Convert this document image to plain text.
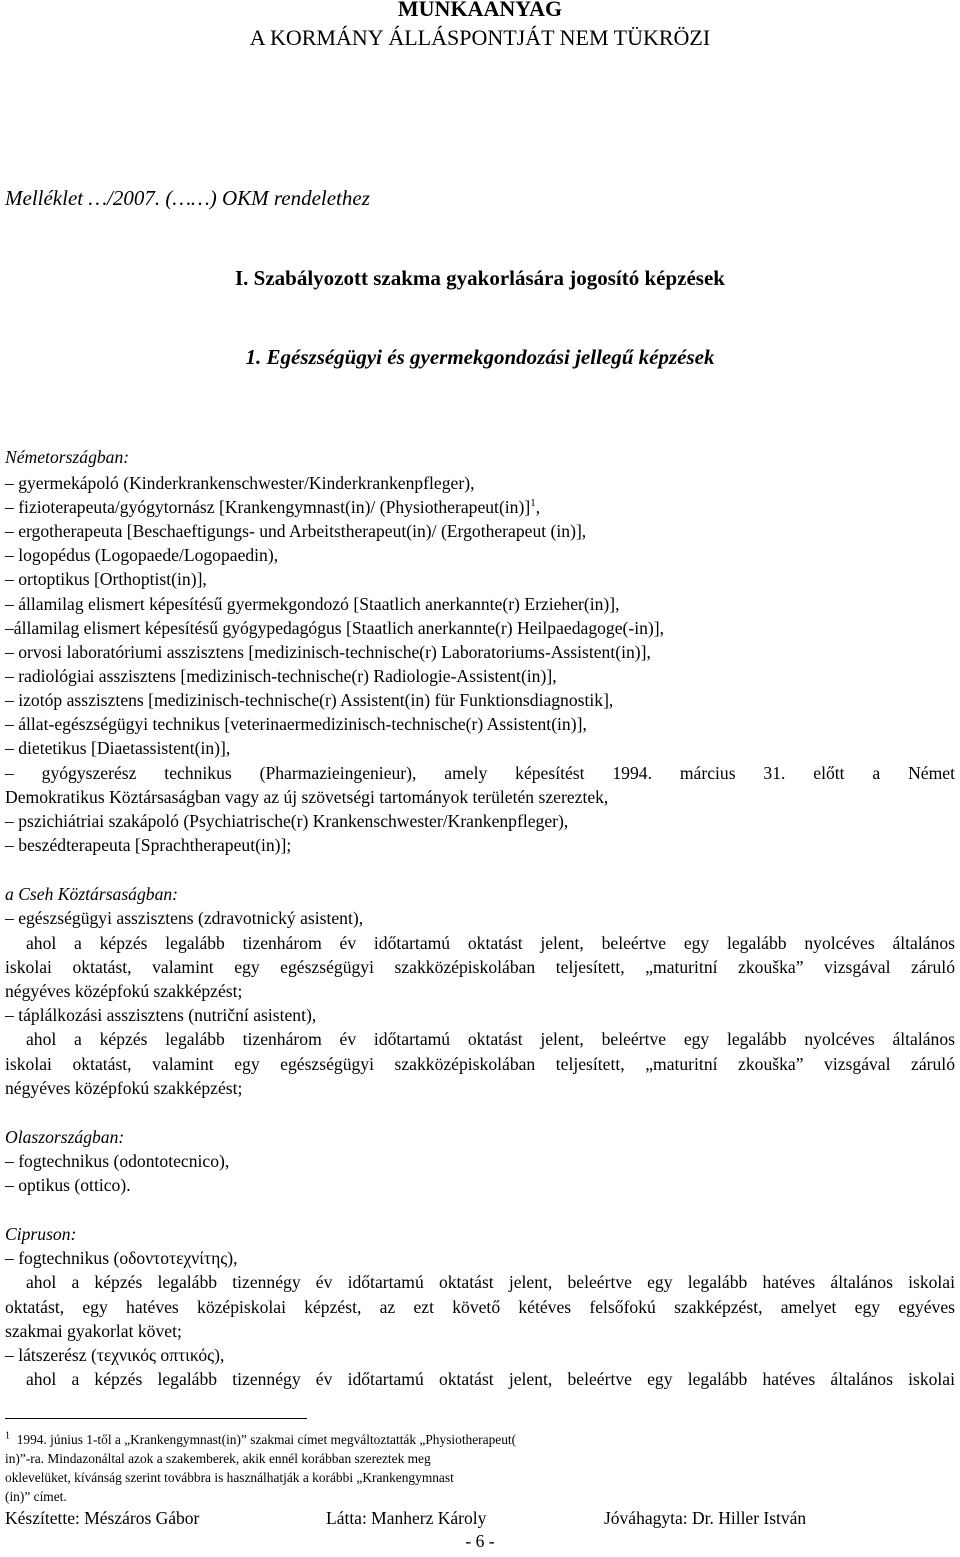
MUNKAANYAG
A KORMÁNY ÁLLÁSPONTJÁT NEM TÜKRÖZI
Melléklet …/2007. (……) OKM rendelethez
I. Szabályozott szakma gyakorlására jogosító képzések
1. Egészségügyi és gyermekgondozási jellegű képzések
Németországban:
– gyermekápoló (Kinderkrankenschwester/Kinderkrankenpfleger),
– fizioterapeuta/gyógytornász [Krankengymnast(in)/ (Physiotherapeut(in)]$^1$,
– ergotherapeuta [Beschaeftigungs- und Arbeitstherapeut(in)/ (Ergotherapeut (in)],
– logopédus (Logopaede/Logopaedin),
– ortoptikus [Orthoptist(in)],
– államilag elismert képesítésű gyermekgondozó [Staatlich anerkannte(r) Erzieher(in)],
–államilag elismert képesítésű gyógypedagógus [Staatlich anerkannte(r) Heilpaedagoge(-in)],
– orvosi laboratóriumi asszisztens [medizinisch-technische(r) Laboratoriums-Assistent(in)],
– radiológiai asszisztens [medizinisch-technische(r) Radiologie-Assistent(in)],
– izotóp asszisztens [medizinisch-technische(r) Assistent(in) für Funktionsdiagnostik],
– állat-egészségügyi technikus [veterinaermedizinisch-technische(r) Assistent(in)],
– dietetikus [Diaetassistent(in)],
– gyógyszerész technikus (Pharmazieingenieur), amely képesítést 1994. március 31. előtt a Német
Demokratikus Köztársaságban vagy az új szövetségi tartományok területén szereztek,
– pszichiátriai szakápoló (Psychiatrische(r) Krankenschwester/Krankenpfleger),
– beszédterapeuta [Sprachtherapeut(in)];
a Cseh Köztársaságban:
– egészségügyi asszisztens (zdravotnický asistent),
ahol a képzés legalább tizenhárom év időtartamú oktatást jelent, beleértve egy legalább nyolcéves általános
iskolai oktatást, valamint egy egészségügyi szakközépiskolában teljesített, „maturitní zkouška” vizsgával záruló
négyéves középfokú szakképzést;
– táplálkozási asszisztens (nutriční asistent),
ahol a képzés legalább tizenhárom év időtartamú oktatást jelent, beleértve egy legalább nyolcéves általános
iskolai oktatást, valamint egy egészségügyi szakközépiskolában teljesített, „maturitní zkouška” vizsgával záruló
négyéves középfokú szakképzést;
Olaszországban:
– fogtechnikus (odontotecnico),
– optikus (ottico).
Cipruson:
– fogtechnikus (οδοντοτεχνίτης),
ahol a képzés legalább tizennégy év időtartamú oktatást jelent, beleértve egy legalább hatéves általános iskolai
oktatást, egy hatéves középiskolai képzést, az ezt követő kétéves felsőfokú szakképzést, amelyet egy egyéves
szakmai gyakorlat követ;
– látszerész (τεχνικός οπτικός),
ahol a képzés legalább tizennégy év időtartamú oktatást jelent, beleértve egy legalább hatéves általános iskolai
$^1$ 1994. június 1-től a „Krankengymnast(in)” szakmai címet megváltoztatták „Physiotherapeut(
in)”-ra. Mindazonáltal azok a szakemberek, akik ennél korábban szereztek meg
oklevelüket, kívánság szerint továbbra is használhatják a korábbi „Krankengymnast
(in)” címet.
Készítette: Mészáros Gábor	Látta: Manherz Károly	Jóváhagyta: Dr. Hiller István
- 6 -
